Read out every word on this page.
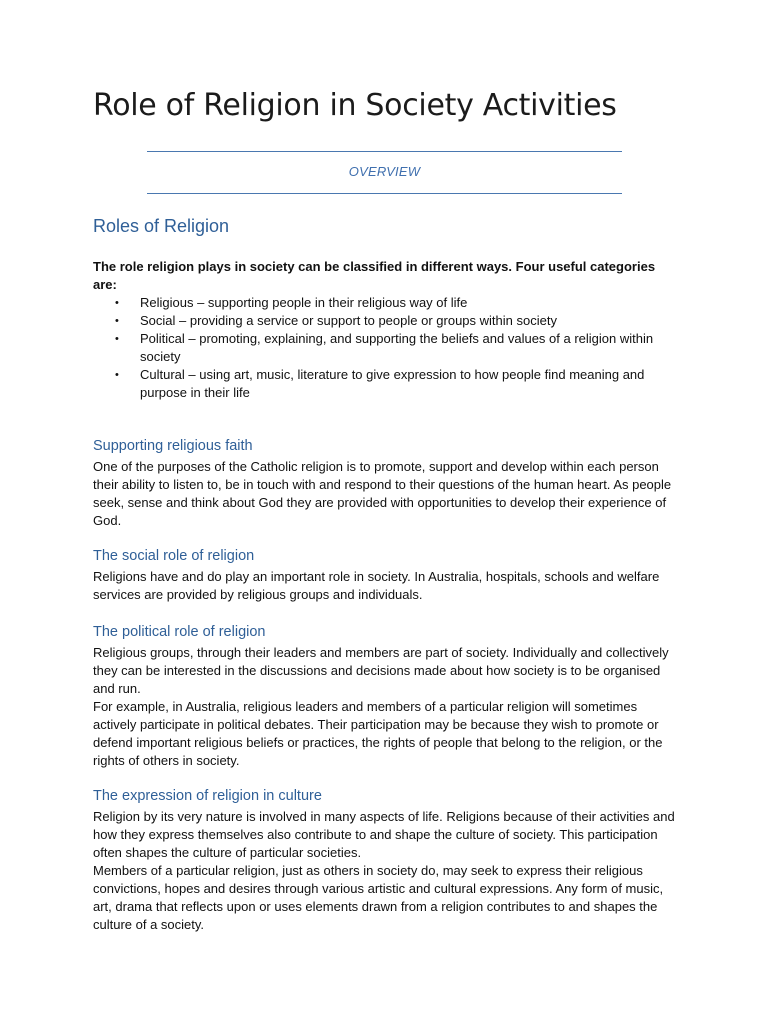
Role of Religion in Society Activities
OVERVIEW
Roles of Religion

The role religion plays in society can be classified in different ways. Four useful categories are:

• Religious – supporting people in their religious way of life
• Social – providing a service or support to people or groups within society
• Political – promoting, explaining, and supporting the beliefs and values of a religion within society
• Cultural – using art, music, literature to give expression to how people find meaning and purpose in their life
Supporting religious faith

One of the purposes of the Catholic religion is to promote, support and develop within each person their ability to listen to, be in touch with and respond to their questions of the human heart. As people seek, sense and think about God they are provided with opportunities to develop their experience of God.

The social role of religion

Religions have and do play an important role in society. In Australia, hospitals, schools and welfare services are provided by religious groups and individuals.

The political role of religion

Religious groups, through their leaders and members are part of society. Individually and collectively they can be interested in the discussions and decisions made about how society is to be organised and run.

For example, in Australia, religious leaders and members of a particular religion will sometimes actively participate in political debates. Their participation may be because they wish to promote or defend important religious beliefs or practices, the rights of people that belong to the religion, or the rights of others in society.

The expression of religion in culture

Religion by its very nature is involved in many aspects of life. Religions because of their activities and how they express themselves also contribute to and shape the culture of society. This participation often shapes the culture of particular societies.

Members of a particular religion, just as others in society do, may seek to express their religious convictions, hopes and desires through various artistic and cultural expressions. Any form of music, art, drama that reflects upon or uses elements drawn from a religion contributes to and shapes the culture of a society.
